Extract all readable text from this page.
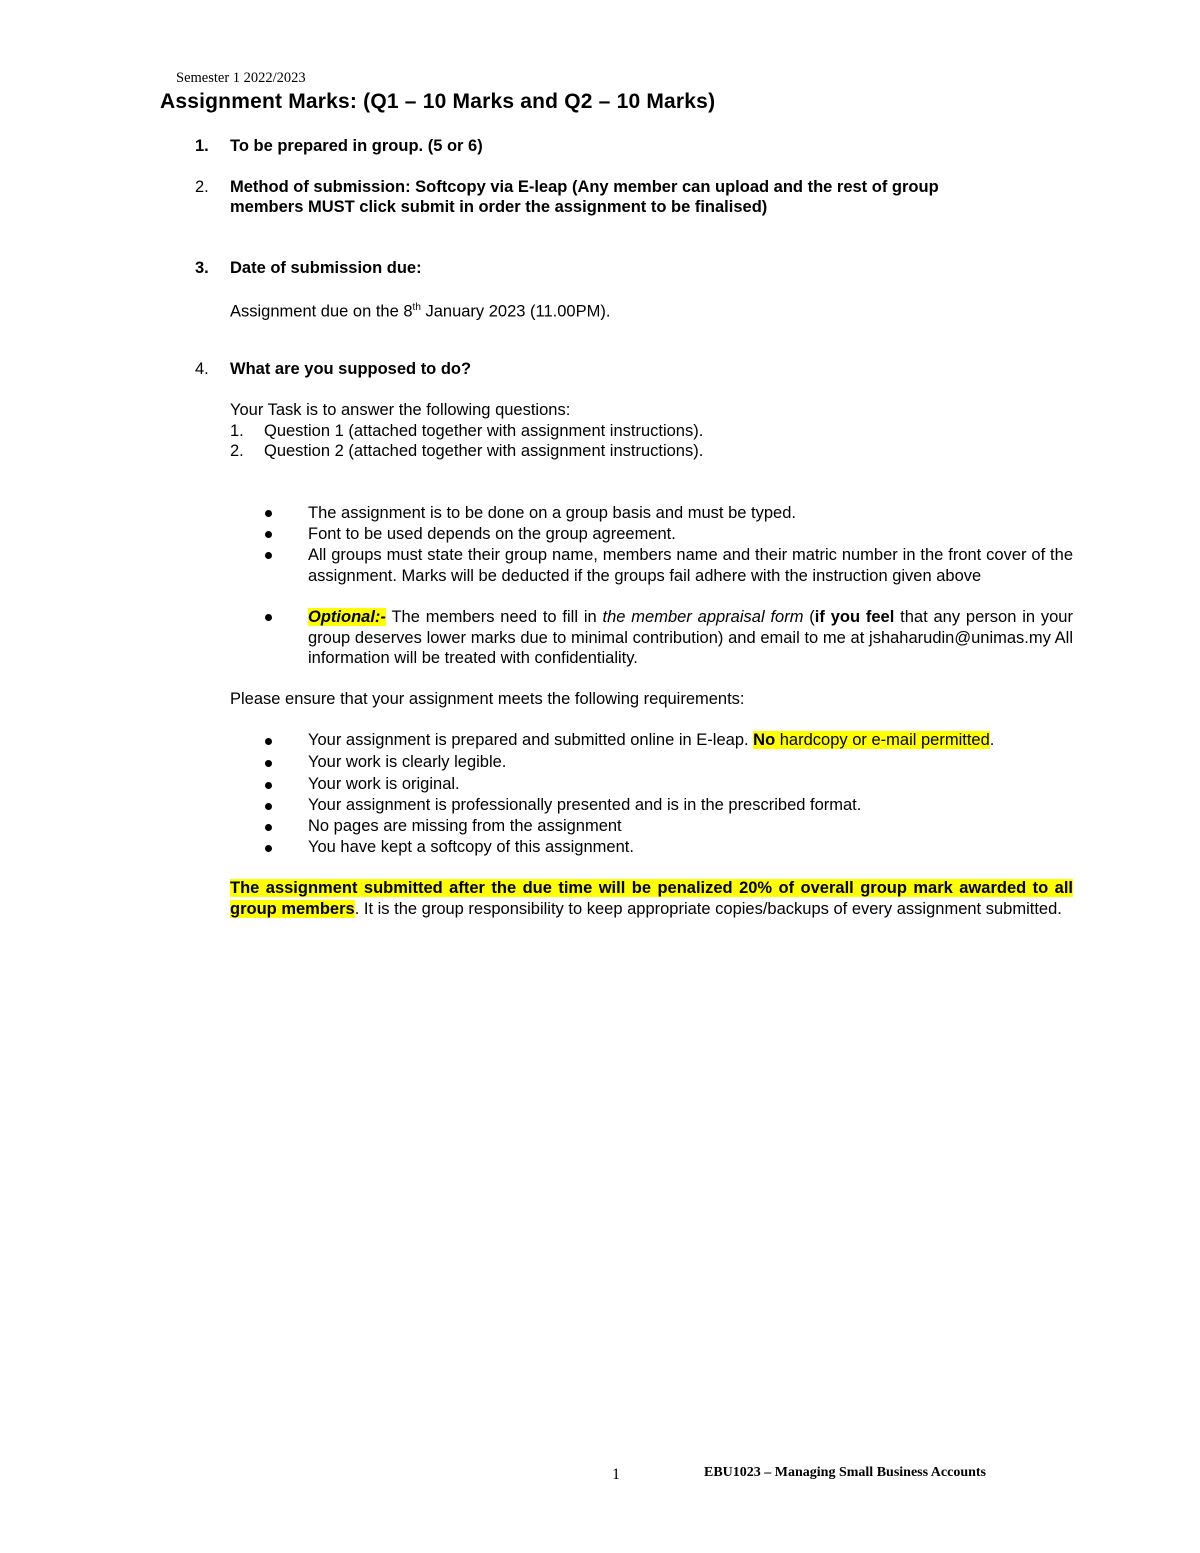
Semester 1 2022/2023
Assignment Marks: (Q1 – 10 Marks and Q2 – 10 Marks)
1. To be prepared in group. (5 or 6)
2. Method of submission: Softcopy via E-leap (Any member can upload and the rest of group
members MUST click submit in order the assignment to be finalised)
3. Date of submission due:
Assignment due on the 8th January 2023 (11.00PM).
4. What are you supposed to do?
Your Task is to answer the following questions:
1. Question 1 (attached together with assignment instructions).
2. Question 2 (attached together with assignment instructions).
The assignment is to be done on a group basis and must be typed.
Font to be used depends on the group agreement.
All groups must state their group name, members name and their matric number in the front cover of the assignment. Marks will be deducted if the groups fail adhere with the instruction given above
Optional:- The members need to fill in the member appraisal form (if you feel that any person in your group deserves lower marks due to minimal contribution) and email to me at jshaharudin@unimas.my All information will be treated with confidentiality.
Please ensure that your assignment meets the following requirements:
Your assignment is prepared and submitted online in E-leap. No hardcopy or e-mail permitted.
Your work is clearly legible.
Your work is original.
Your assignment is professionally presented and is in the prescribed format.
No pages are missing from the assignment
You have kept a softcopy of this assignment.
The assignment submitted after the due time will be penalized 20% of overall group mark awarded to all group members. It is the group responsibility to keep appropriate copies/backups of every assignment submitted.
1	EBU1023 – Managing Small Business Accounts
